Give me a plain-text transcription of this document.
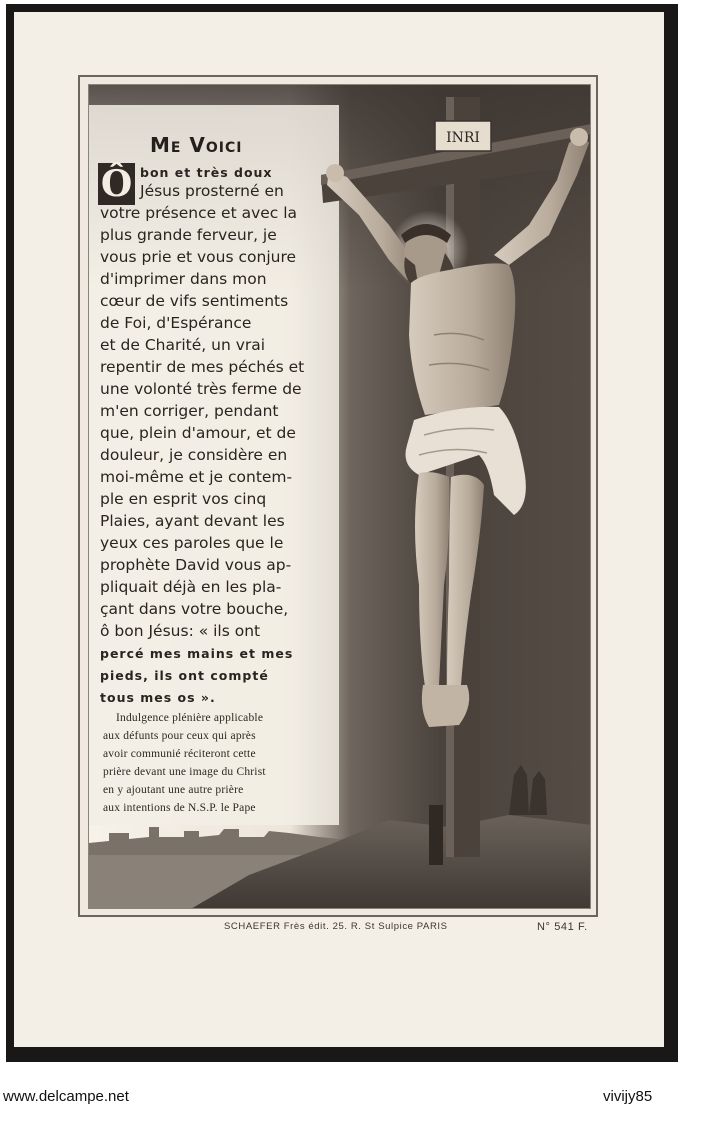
INRI
Me Voici
Ô bon et très doux
Jésus prosterné en
votre présence et avec la
plus grande ferveur, je
vous prie et vous conjure
d'imprimer dans mon
cœur de vifs sentiments
de Foi, d'Espérance
et de Charité, un vrai
repentir de mes péchés et
une volonté très ferme de
m'en corriger, pendant
que, plein d'amour, et de
douleur, je considère en
moi-même et je contem-
ple en esprit vos cinq
Plaies, ayant devant les
yeux ces paroles que le
prophète David vous ap-
pliquait déjà en les pla-
çant dans votre bouche,
ô bon Jésus: « ils ont
percé mes mains et mes
pieds, ils ont compté
tous mes os ».
Indulgence plénière applicable
aux défunts pour ceux qui après
avoir communié réciteront cette
prière devant une image du Christ
en y ajoutant une autre prière
aux intentions de N.S.P. le Pape
SCHAEFER Frès édit. 25. R. St Sulpice PARIS	N° 541 F.
www.delcampe.net	vivijy85
